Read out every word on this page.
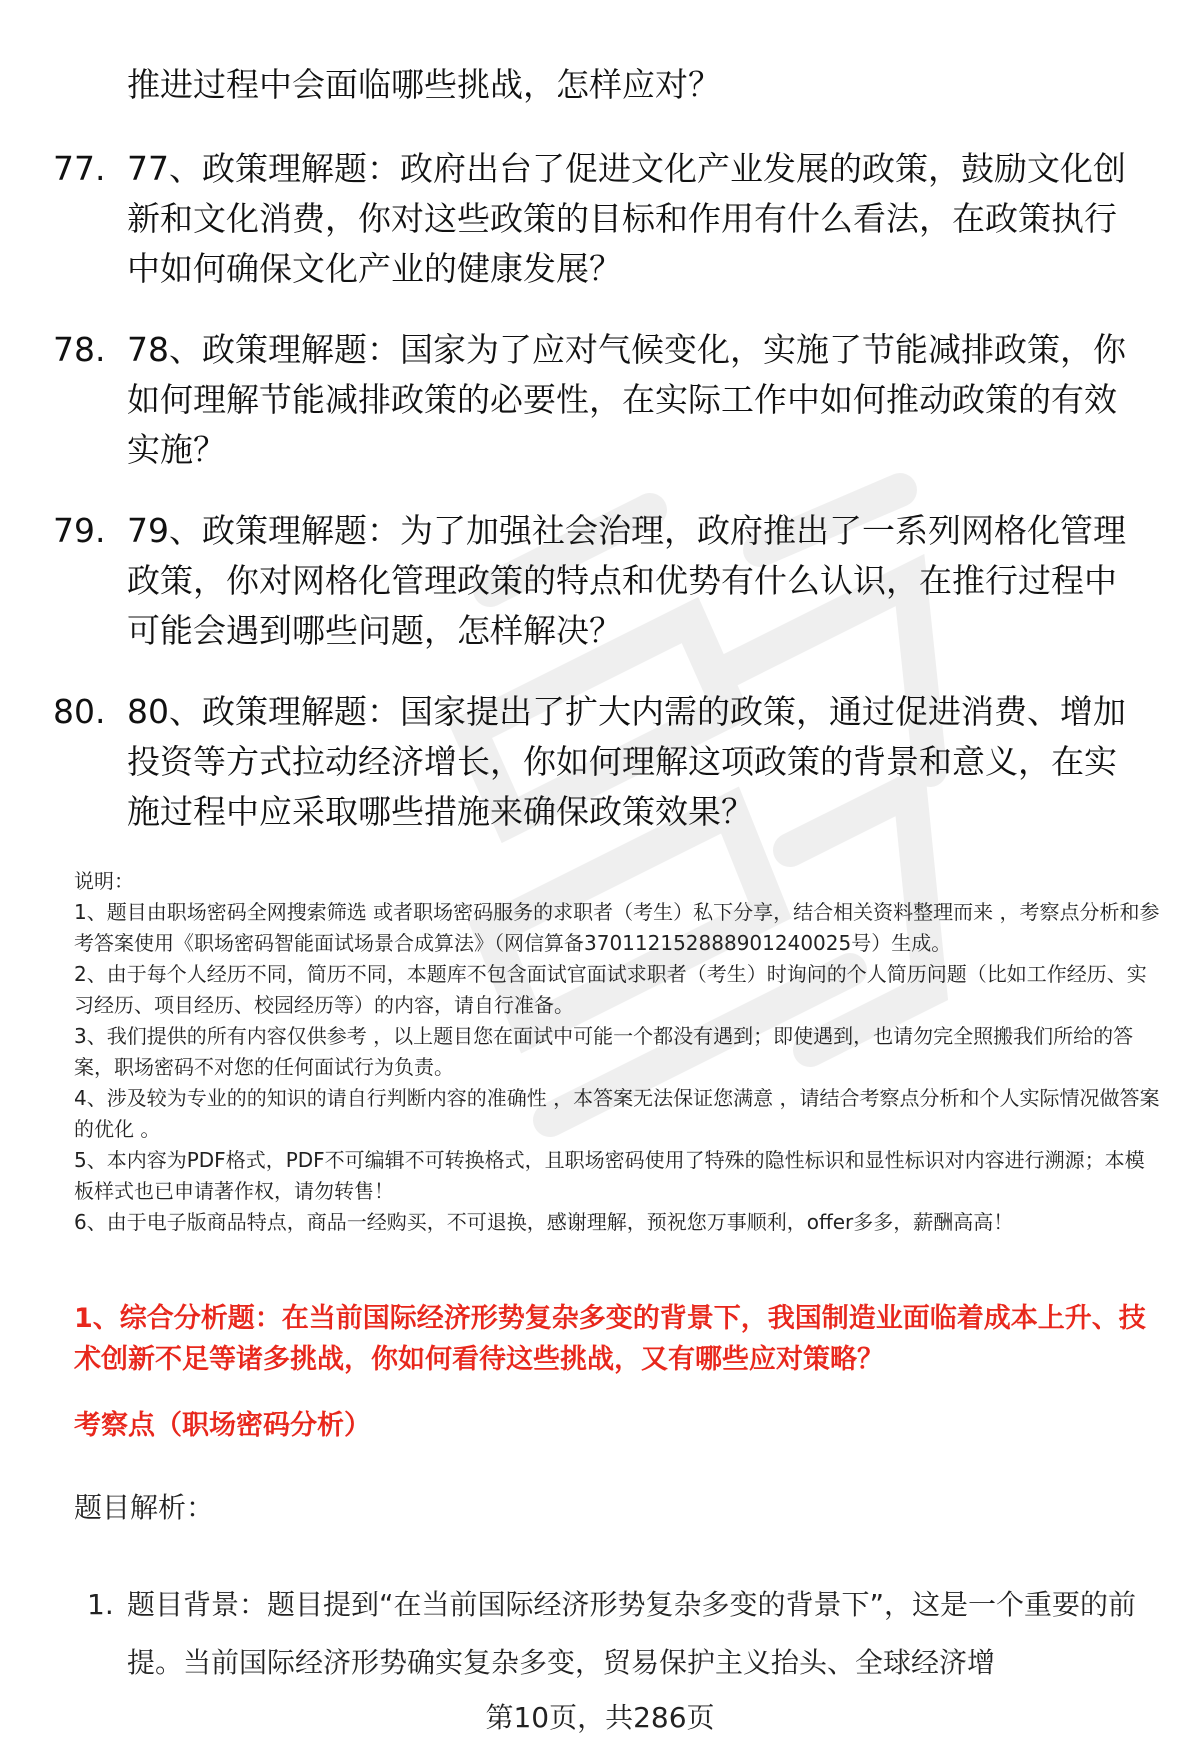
推进过程中会面临哪些挑战，怎样应对？

77. 77、政策理解题：政府出台了促进文化产业发展的政策，鼓励文化创新和文化消费，你对这些政策的目标和作用有什么看法，在政策执行中如何确保文化产业的健康发展？
78. 78、政策理解题：国家为了应对气候变化，实施了节能减排政策，你如何理解节能减排政策的必要性，在实际工作中如何推动政策的有效实施？
79. 79、政策理解题：为了加强社会治理，政府推出了一系列网格化管理政策，你对网格化管理政策的特点和优势有什么认识，在推行过程中可能会遇到哪些问题，怎样解决？
80. 80、政策理解题：国家提出了扩大内需的政策，通过促进消费、增加投资等方式拉动经济增长，你如何理解这项政策的背景和意义，在实施过程中应采取哪些措施来确保政策效果？

说明：

1、题目由职场密码全网搜索筛选 或者职场密码服务的求职者（考生）私下分享，结合相关资料整理而来 ，考察点分析和参考答案使用《职场密码智能面试场景合成算法》（网信算备370112152888901240025号）生成。

2、由于每个人经历不同，简历不同，本题库不包含面试官面试求职者（考生）时询问的个人简历问题（比如工作经历、实习经历、项目经历、校园经历等）的内容，请自行准备。

3、我们提供的所有内容仅供参考 ，以上题目您在面试中可能一个都没有遇到；即使遇到，也请勿完全照搬我们所给的答案，职场密码不对您的任何面试行为负责。

4、涉及较为专业的的知识的请自行判断内容的准确性 ，本答案无法保证您满意 ，请结合考察点分析和个人实际情况做答案的优化 。

5、本内容为PDF格式，PDF不可编辑不可转换格式，且职场密码使用了特殊的隐性标识和显性标识对内容进行溯源；本模板样式也已申请著作权，请勿转售！

6、由于电子版商品特点，商品一经购买，不可退换，感谢理解，预祝您万事顺利，offer多多，薪酬高高！

1、综合分析题：在当前国际经济形势复杂多变的背景下，我国制造业面临着成本上升、技术创新不足等诸多挑战，你如何看待这些挑战，又有哪些应对策略？

考察点（职场密码分析）

题目解析：

1. 题目背景：题目提到“在当前国际经济形势复杂多变的背景下”，这是一个重要的前提。当前国际经济形势确实复杂多变，贸易保护主义抬头、全球经济增
第10页，共286页
